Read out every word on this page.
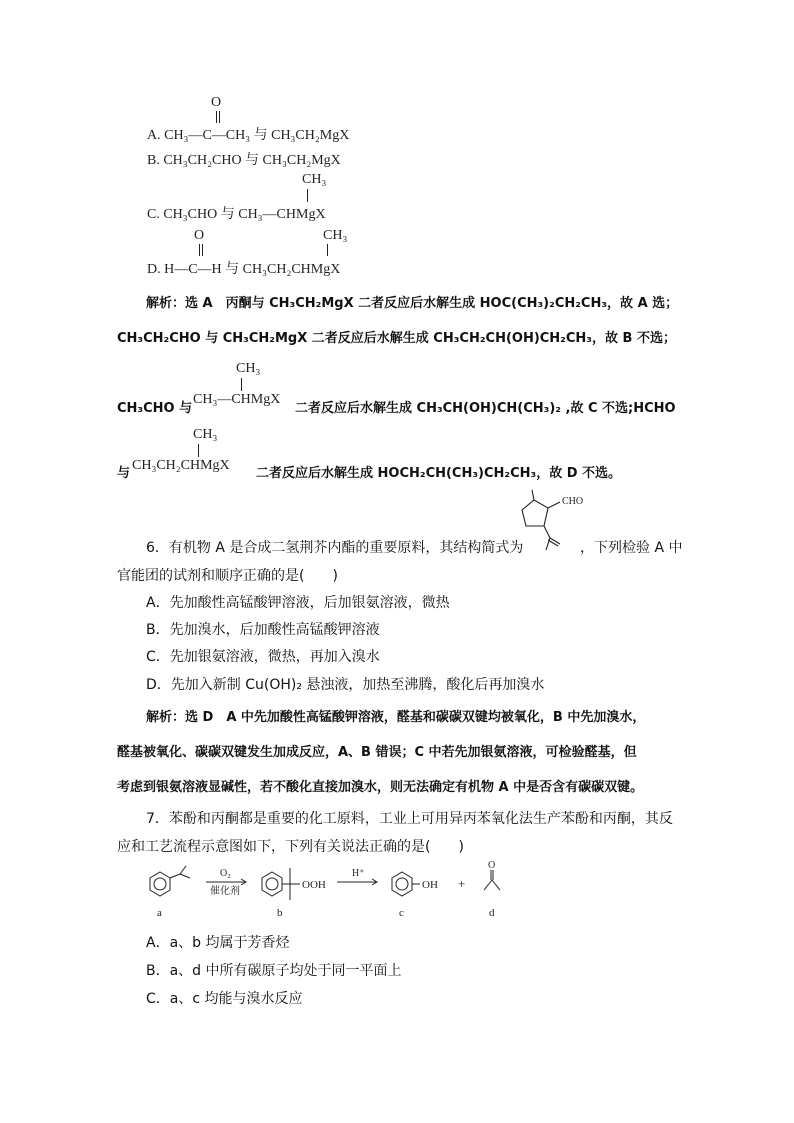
O
A. CH₃—C—CH₃ 与 CH₃CH₂MgX
B. CH₃CH₂CHO 与 CH₃CH₂MgX
CH₃
C. CH₃CHO 与 CH₃—CHMgX
O	CH₃
D. H—C—H 与 CH₃CH₂CHMgX
解析：选 A　丙酮与 CH₃CH₂MgX 二者反应后水解生成 HOC(CH₃)₂CH₂CH₃，故 A 选；
CH₃CH₂CHO 与 CH₃CH₂MgX 二者反应后水解生成 CH₃CH₂CH(OH)CH₂CH₃，故 B 不选；
CH₃
CH₃CHO 与
CH₃—CHMgX
二者反应后水解生成 CH₃CH(OH)CH(CH₃)₂ ,故 C 不选;HCHO
CH₃
与
CH₃CH₂CHMgX
二者反应后水解生成 HOCH₂CH(CH₃)CH₂CH₃，故 D 不选。
CHO
6．有机物 A 是合成二氢荆芥内酯的重要原料，其结构简式为	，下列检验 A 中
官能团的试剂和顺序正确的是(　　)
A．先加酸性高锰酸钾溶液，后加银氨溶液，微热
B．先加溴水，后加酸性高锰酸钾溶液
C．先加银氨溶液，微热，再加入溴水
D．先加入新制 Cu(OH)₂ 悬浊液，加热至沸腾，酸化后再加溴水
解析：选 D　A 中先加酸性高锰酸钾溶液，醛基和碳碳双键均被氧化，B 中先加溴水，
醛基被氧化、碳碳双键发生加成反应，A、B 错误；C 中若先加银氨溶液，可检验醛基，但
考虑到银氨溶液显碱性，若不酸化直接加溴水，则无法确定有机物 A 中是否含有碳碳双键。
7．苯酚和丙酮都是重要的化工原料，工业上可用异丙苯氧化法生产苯酚和丙酮，其反
应和工艺流程示意图如下，下列有关说法正确的是(　　)
O₂
催化剂
OOH
H⁺
OH +
O
a	b	c	d
A．a、b 均属于芳香烃
B．a、d 中所有碳原子均处于同一平面上
C．a、c 均能与溴水反应
